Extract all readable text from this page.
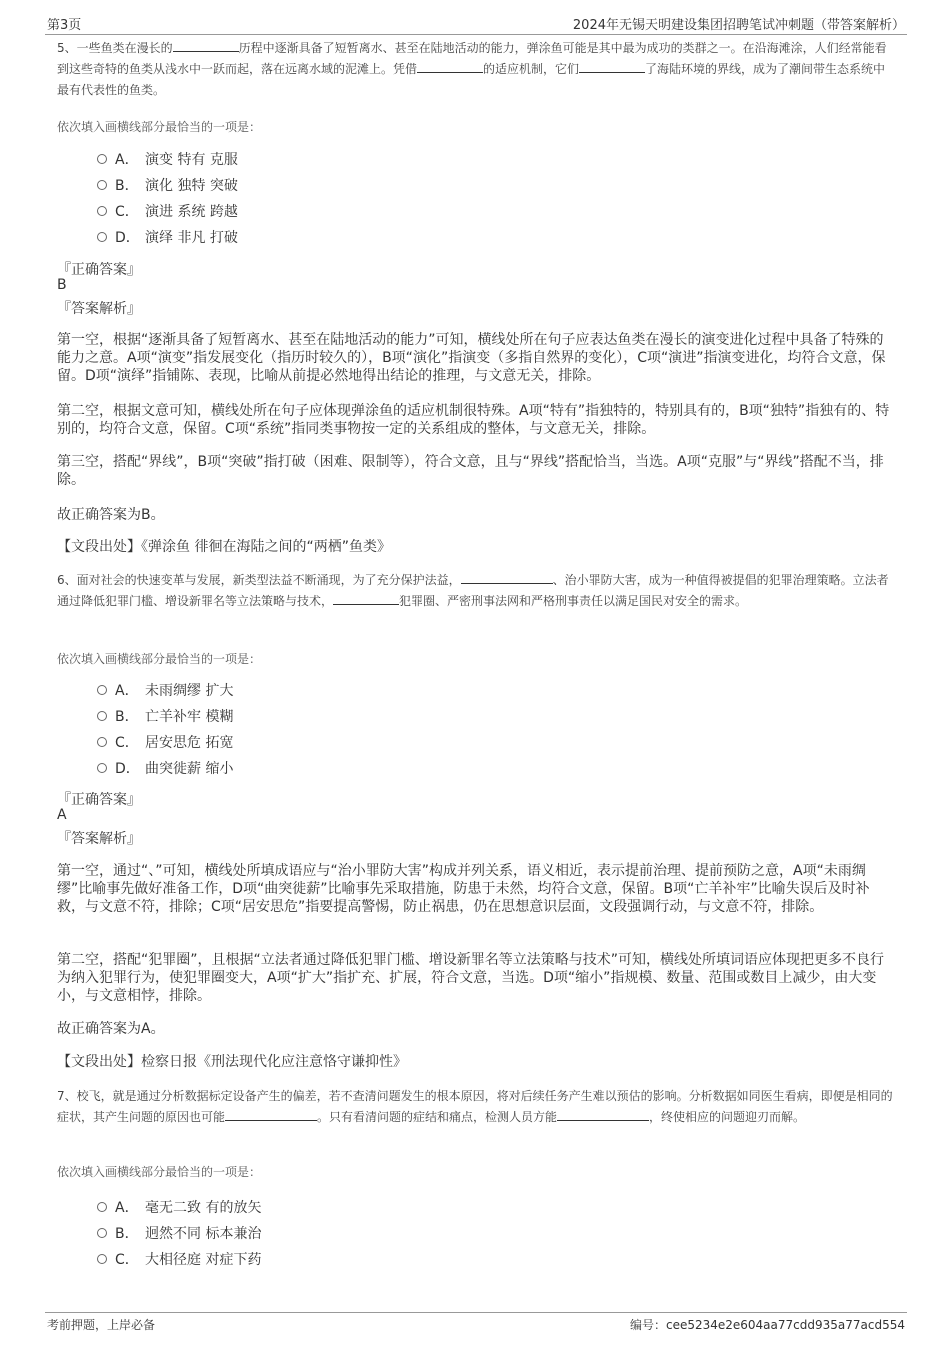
第3页	2024年无锡天明建设集团招聘笔试冲刺题（带答案解析）
5、一些鱼类在漫长的	历程中逐渐具备了短暂离水、甚至在陆地活动的能力，弹涂鱼可能是其中最为成功的类群之一。在沿海滩涂，人们经常能看到这些奇特的鱼类从浅水中一跃而起，落在远离水域的泥滩上。凭借	的适应机制，它们	了海陆环境的界线，成为了潮间带生态系统中最有代表性的鱼类。
依次填入画横线部分最恰当的一项是：
A． 演变 特有 克服
B． 演化 独特 突破
C． 演进 系统 跨越
D． 演绎 非凡 打破
『正确答案』
B
『答案解析』
第一空，根据“逐渐具备了短暂离水、甚至在陆地活动的能力”可知，横线处所在句子应表达鱼类在漫长的演变进化过程中具备了特殊的能力之意。A项“演变”指发展变化（指历时较久的），B项“演化”指演变（多指自然界的变化），C项“演进”指演变进化，均符合文意，保留。D项“演绎”指铺陈、表现，比喻从前提必然地得出结论的推理，与文意无关，排除。
第二空，根据文意可知，横线处所在句子应体现弹涂鱼的适应机制很特殊。A项“特有”指独特的，特别具有的，B项“独特”指独有的、特别的，均符合文意，保留。C项“系统”指同类事物按一定的关系组成的整体，与文意无关，排除。
第三空，搭配“界线”，B项“突破”指打破（困难、限制等），符合文意，且与“界线”搭配恰当，当选。A项“克服”与“界线”搭配不当，排除。
故正确答案为B。
【文段出处】《弹涂鱼 徘徊在海陆之间的“两栖”鱼类》
6、面对社会的快速变革与发展，新类型法益不断涌现，为了充分保护法益，	、治小罪防大害，成为一种值得被提倡的犯罪治理策略。立法者通过降低犯罪门槛、增设新罪名等立法策略与技术，	犯罪圈、严密刑事法网和严格刑事责任以满足国民对安全的需求。
依次填入画横线部分最恰当的一项是：
A． 未雨绸缪 扩大
B． 亡羊补牢 模糊
C． 居安思危 拓宽
D． 曲突徙薪 缩小
『正确答案』
A
『答案解析』
第一空，通过“、”可知，横线处所填成语应与“治小罪防大害”构成并列关系，语义相近，表示提前治理、提前预防之意，A项“未雨绸缪”比喻事先做好准备工作，D项“曲突徙薪”比喻事先采取措施，防患于未然，均符合文意，保留。B项“亡羊补牢”比喻失误后及时补救，与文意不符，排除；C项“居安思危”指要提高警惕，防止祸患，仍在思想意识层面，文段强调行动，与文意不符，排除。
第二空，搭配“犯罪圈”，且根据“立法者通过降低犯罪门槛、增设新罪名等立法策略与技术”可知，横线处所填词语应体现把更多不良行为纳入犯罪行为，使犯罪圈变大，A项“扩大”指扩充、扩展，符合文意，当选。D项“缩小”指规模、数量、范围或数目上减少，由大变小，与文意相悖，排除。
故正确答案为A。
【文段出处】检察日报《刑法现代化应注意恪守谦抑性》
7、校飞，就是通过分析数据标定设备产生的偏差，若不查清问题发生的根本原因，将对后续任务产生难以预估的影响。分析数据如同医生看病，即便是相同的症状，其产生问题的原因也可能	。只有看清问题的症结和痛点，检测人员方能	，终使相应的问题迎刃而解。
依次填入画横线部分最恰当的一项是：
A． 毫无二致 有的放矢
B． 迥然不同 标本兼治
C． 大相径庭 对症下药
考前押题，上岸必备	编号：cee5234e2e604aa77cdd935a77acd554
